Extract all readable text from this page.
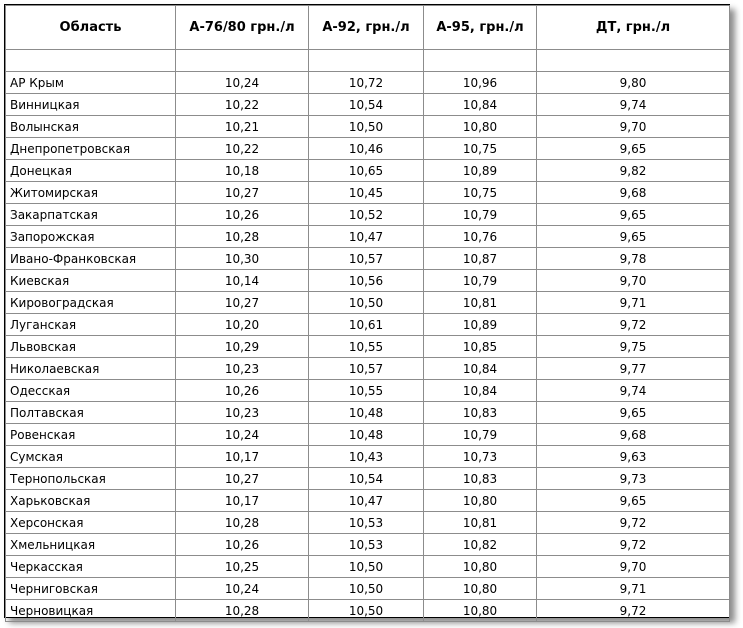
Область	А-76/80 грн./л	А-92, грн./л	А-95, грн./л	ДТ, грн./л

АР Крым	10,24	10,72	10,96	9,80
Винницкая	10,22	10,54	10,84	9,74
Волынская	10,21	10,50	10,80	9,70
Днепропетровская	10,22	10,46	10,75	9,65
Донецкая	10,18	10,65	10,89	9,82
Житомирская	10,27	10,45	10,75	9,68
Закарпатская	10,26	10,52	10,79	9,65
Запорожская	10,28	10,47	10,76	9,65
Ивано-Франковская	10,30	10,57	10,87	9,78
Киевская	10,14	10,56	10,79	9,70
Кировоградская	10,27	10,50	10,81	9,71
Луганская	10,20	10,61	10,89	9,72
Львовская	10,29	10,55	10,85	9,75
Николаевская	10,23	10,57	10,84	9,77
Одесская	10,26	10,55	10,84	9,74
Полтавская	10,23	10,48	10,83	9,65
Ровенская	10,24	10,48	10,79	9,68
Сумская	10,17	10,43	10,73	9,63
Тернопольская	10,27	10,54	10,83	9,73
Харьковская	10,17	10,47	10,80	9,65
Херсонская	10,28	10,53	10,81	9,72
Хмельницкая	10,26	10,53	10,82	9,72
Черкасская	10,25	10,50	10,80	9,70
Черниговская	10,24	10,50	10,80	9,71
Черновицкая	10,28	10,50	10,80	9,72
